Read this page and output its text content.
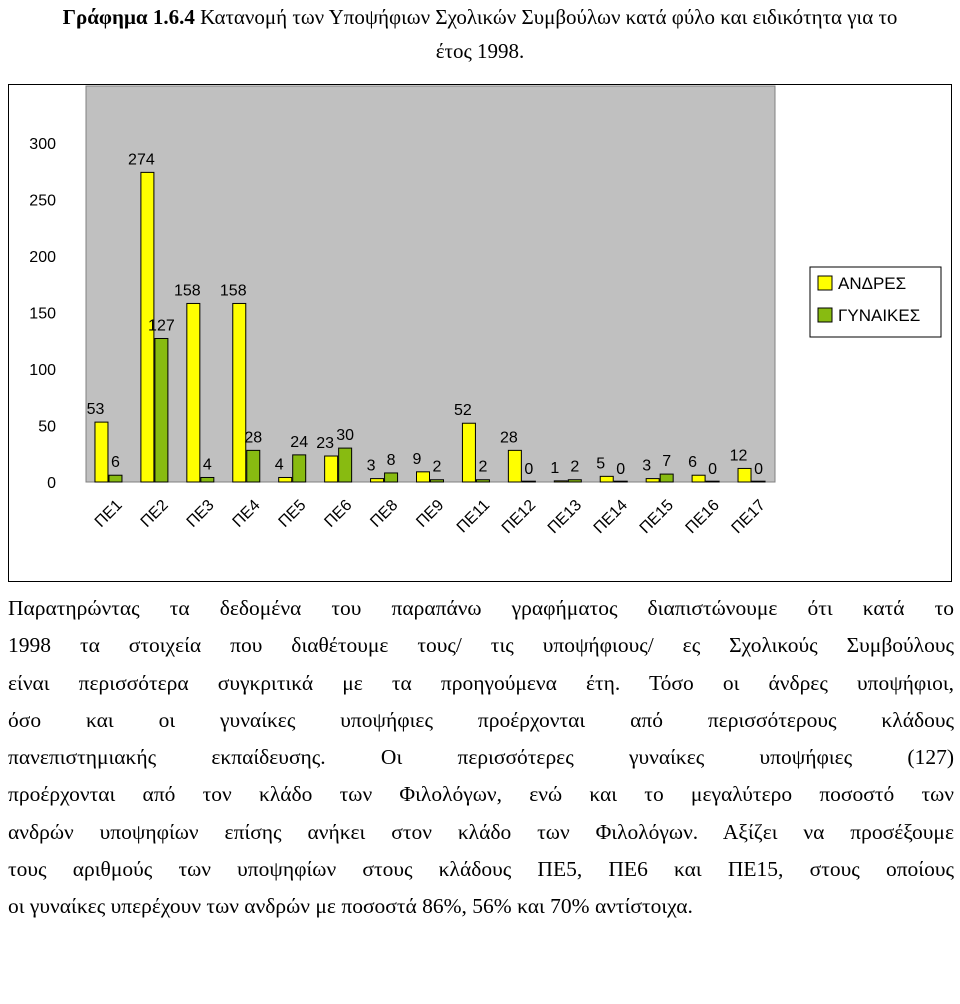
Γράφημα 1.6.4 Κατανομή των Υποψήφιων Σχολικών Συμβούλων κατά φύλο και ειδικότητα για το
έτος 1998.
0
50
100
150
200
250
300
53
6
274
127
158
4
158
28
4
24 23 30
3 8 9 2
52
2
28
0 1 2 5 0 3 7 6 0
12
0
ΠΕ1 ΠΕ2 ΠΕ3 ΠΕ4 ΠΕ5 ΠΕ6 ΠΕ8 ΠΕ9 ΠΕ11 ΠΕ12 ΠΕ13 ΠΕ14 ΠΕ15 ΠΕ16 ΠΕ17
ΑΝΔΡΕΣ
ΓΥΝΑΙΚΕΣ
Παρατηρώντας τα δεδομένα του παραπάνω γραφήματος διαπιστώνουμε ότι κατά το
1998 τα στοιχεία που διαθέτουμε τους/ τις υποψήφιους/ ες Σχολικούς Συμβούλους
είναι περισσότερα συγκριτικά με τα προηγούμενα έτη. Τόσο οι άνδρες υποψήφιοι,
όσο και οι γυναίκες υποψήφιες προέρχονται από περισσότερους κλάδους
πανεπιστημιακής εκπαίδευσης. Οι περισσότερες γυναίκες υποψήφιες (127)
προέρχονται από τον κλάδο των Φιλολόγων, ενώ και το μεγαλύτερο ποσοστό των
ανδρών υποψηφίων επίσης ανήκει στον κλάδο των Φιλολόγων. Αξίζει να προσέξουμε
τους αριθμούς των υποψηφίων στους κλάδους ΠΕ5, ΠΕ6 και ΠΕ15, στους οποίους
οι γυναίκες υπερέχουν των ανδρών με ποσοστά 86%, 56% και 70% αντίστοιχα.
